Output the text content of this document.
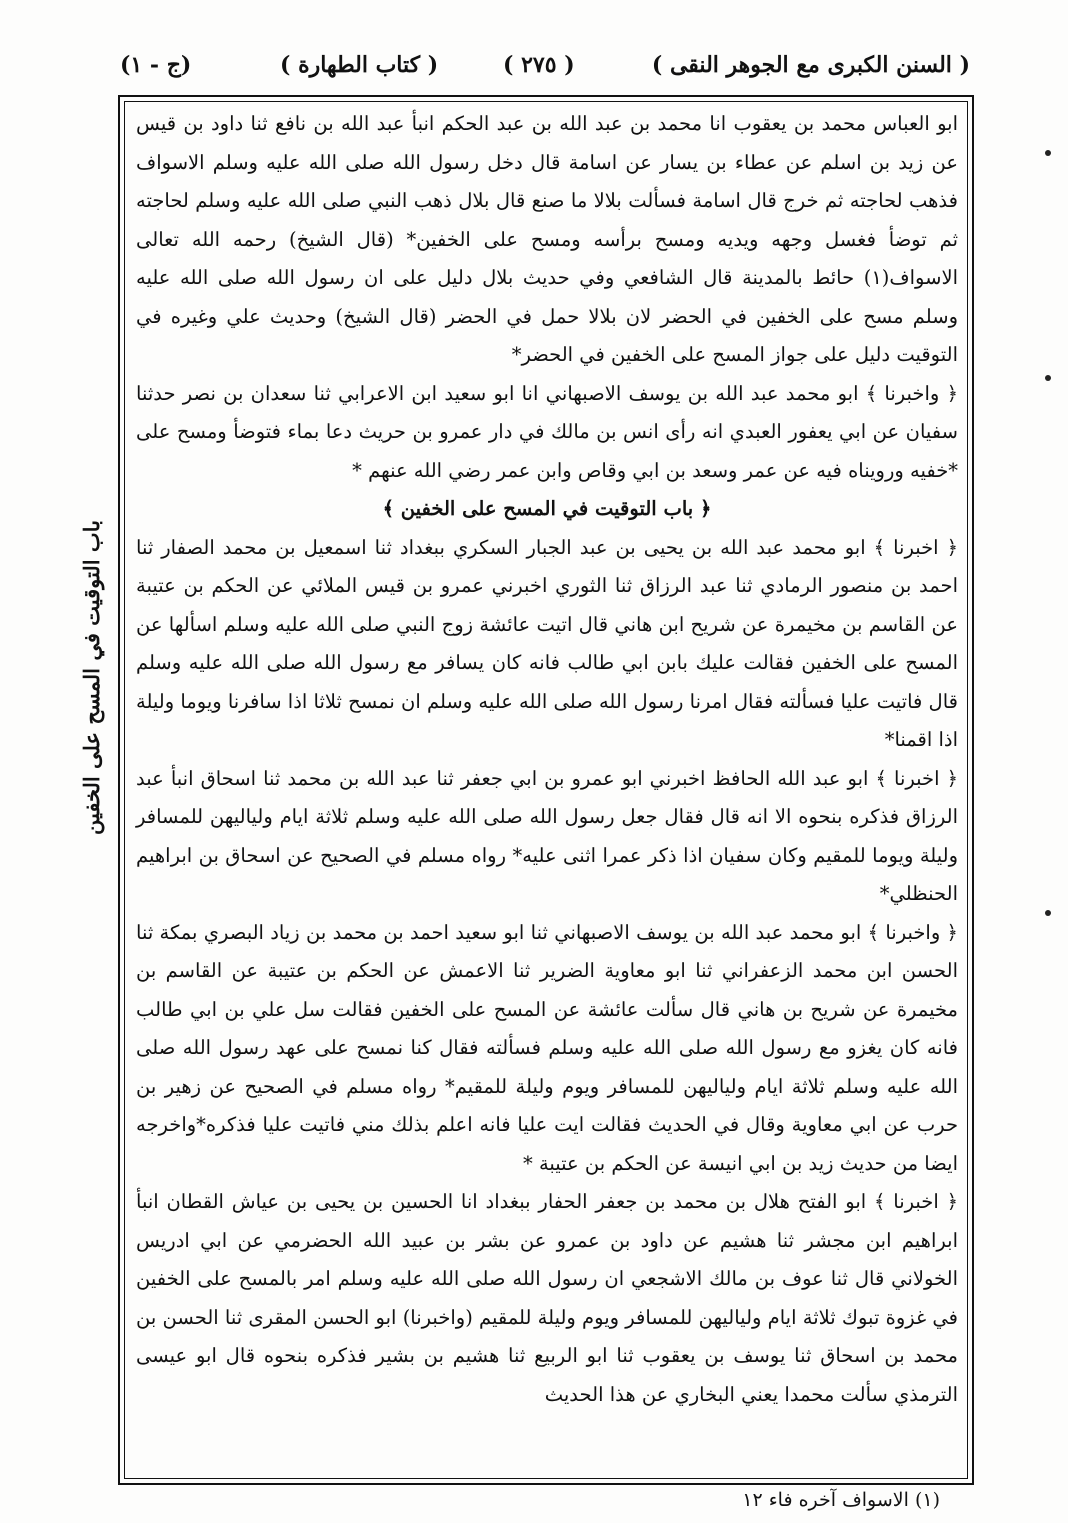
( السنن الكبرى مع الجوهر النقى )
( ٢٧٥ )
( كتاب الطهارة )
(ج - ١)
باب التوقيت في المسح على الخفين

ابو العباس محمد بن يعقوب انا محمد بن عبد الله بن عبد الحكم انبأ عبد الله بن نافع ثنا داود بن قيس عن زيد بن اسلم عن عطاء بن يسار عن اسامة قال دخل رسول الله صلى الله عليه وسلم الاسواف فذهب لحاجته ثم خرج قال اسامة فسألت بلالا ما صنع قال بلال ذهب النبي صلى الله عليه وسلم لحاجته ثم توضأ فغسل وجهه ويديه ومسح برأسه ومسح على الخفين* (قال الشيخ) رحمه الله تعالى الاسواف(١) حائط بالمدينة قال الشافعي وفي حديث بلال دليل على ان رسول الله صلى الله عليه وسلم مسح على الخفين في الحضر لان بلالا حمل في الحضر (قال الشيخ) وحديث علي وغيره في التوقيت دليل على جواز المسح على الخفين في الحضر*

﴿ واخبرنا ﴾ ابو محمد عبد الله بن يوسف الاصبهاني انا ابو سعيد ابن الاعرابي ثنا سعدان بن نصر حدثنا سفيان عن ابي يعفور العبدي انه رأى انس بن مالك في دار عمرو بن حريث دعا بماء فتوضأ ومسح على *خفيه ورويناه فيه عن عمر وسعد بن ابي وقاص وابن عمر رضي الله عنهم *

﴿ باب التوقيت في المسح على الخفين ﴾

﴿ اخبرنا ﴾ ابو محمد عبد الله بن يحيى بن عبد الجبار السكري ببغداد ثنا اسمعيل بن محمد الصفار ثنا احمد بن منصور الرمادي ثنا عبد الرزاق ثنا الثوري اخبرني عمرو بن قيس الملائي عن الحكم بن عتيبة عن القاسم بن مخيمرة عن شريح ابن هاني قال اتيت عائشة زوج النبي صلى الله عليه وسلم اسألها عن المسح على الخفين فقالت عليك بابن ابي طالب فانه كان يسافر مع رسول الله صلى الله عليه وسلم قال فاتيت عليا فسألته فقال امرنا رسول الله صلى الله عليه وسلم ان نمسح ثلاثا اذا سافرنا ويوما وليلة اذا اقمنا*

﴿ اخبرنا ﴾ ابو عبد الله الحافظ اخبرني ابو عمرو بن ابي جعفر ثنا عبد الله بن محمد ثنا اسحاق انبأ عبد الرزاق فذكره بنحوه الا انه قال فقال جعل رسول الله صلى الله عليه وسلم ثلاثة ايام ولياليهن للمسافر وليلة ويوما للمقيم وكان سفيان اذا ذكر عمرا اثنى عليه* رواه مسلم في الصحيح عن اسحاق بن ابراهيم الحنظلي*

﴿ واخبرنا ﴾ ابو محمد عبد الله بن يوسف الاصبهاني ثنا ابو سعيد احمد بن محمد بن زياد البصري بمكة ثنا الحسن ابن محمد الزعفراني ثنا ابو معاوية الضرير ثنا الاعمش عن الحكم بن عتيبة عن القاسم بن مخيمرة عن شريح بن هاني قال سألت عائشة عن المسح على الخفين فقالت سل علي بن ابي طالب فانه كان يغزو مع رسول الله صلى الله عليه وسلم فسألته فقال كنا نمسح على عهد رسول الله صلى الله عليه وسلم ثلاثة ايام ولياليهن للمسافر ويوم وليلة للمقيم* رواه مسلم في الصحيح عن زهير بن حرب عن ابي معاوية وقال في الحديث فقالت ايت عليا فانه اعلم بذلك مني فاتيت عليا فذكره*واخرجه ايضا من حديث زيد بن ابي انيسة عن الحكم بن عتيبة *

﴿ اخبرنا ﴾ ابو الفتح هلال بن محمد بن جعفر الحفار ببغداد انا الحسين بن يحيى بن عياش القطان انبأ ابراهيم ابن مجشر ثنا هشيم عن داود بن عمرو عن بشر بن عبيد الله الحضرمي عن ابي ادريس الخولاني قال ثنا عوف بن مالك الاشجعي ان رسول الله صلى الله عليه وسلم امر بالمسح على الخفين في غزوة تبوك ثلاثة ايام ولياليهن للمسافر ويوم وليلة للمقيم (واخبرنا) ابو الحسن المقرى ثنا الحسن بن محمد بن اسحاق ثنا يوسف بن يعقوب ثنا ابو الربيع ثنا هشيم بن بشير فذكره بنحوه قال ابو عيسى الترمذي سألت محمدا يعني البخاري عن هذا الحديث

(١) الاسواف آخره فاء ١٢
